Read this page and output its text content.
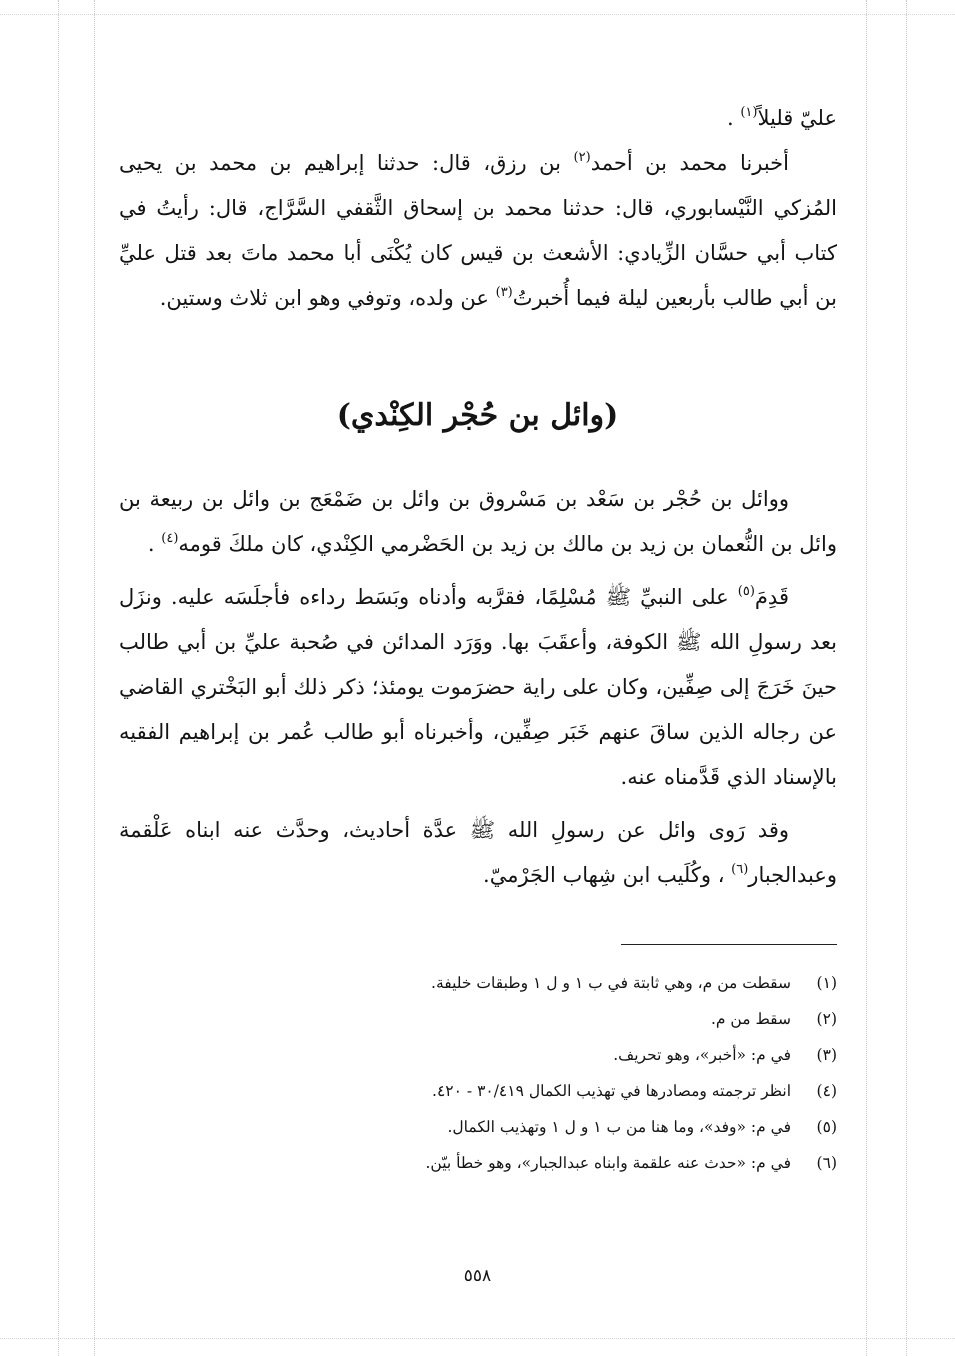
عليّ قليلاً$^{(١)}$ .

أخبرنا محمد بن أحمد$^{(٢)}$ بن رزق، قال: حدثنا إبراهيم بن محمد بن يحيى المُزكي النَّيْسابوري، قال: حدثنا محمد بن إسحاق الثَّقفي السَّرَّاج، قال: رأيتُ في كتاب أبي حسَّان الزِّيادي: الأشعث بن قيس كان يُكْنَى أبا محمد ماتَ بعد قتل عليِّ بن أبي طالب بأربعين ليلة فيما أُخبرتُ$^{(٣)}$ عن ولده، وتوفي وهو ابن ثلاث وستين.

(وائل بن حُجْر الكِنْدي)

ووائل بن حُجْر بن سَعْد بن مَسْروق بن وائل بن ضَمْعَج بن وائل بن ربيعة بن وائل بن النُّعمان بن زيد بن مالك بن زيد بن الحَضْرمي الكِنْدي، كان ملكَ قومه$^{(٤)}$ .

قَدِمَ$^{(٥)}$ على النبيِّ ﷺ مُسْلِمًا، فقرَّبه وأدناه وبَسَط رداءه فأجلَسَه عليه. ونزَل بعد رسولِ الله ﷺ الكوفة، وأعقَبَ بها. ووَرَد المدائن في صُحبة عليِّ بن أبي طالب حينَ خَرَجَ إلى صِفِّين، وكان على راية حضرَموت يومئذ؛ ذكر ذلك أبو البَخْتري القاضي عن رجاله الذين ساقَ عنهم خَبَر صِفِّين، وأخبرناه أبو طالب عُمر بن إبراهيم الفقيه بالإسناد الذي قَدَّمناه عنه.

وقد رَوى وائل عن رسولِ الله ﷺ عدَّة أحاديث، وحدَّث عنه ابناه عَلْقمة وعبدالجبار$^{(٦)}$ ، وكُلَيب ابن شِهاب الجَرْميّ.

(١)
سقطت من م، وهي ثابتة في ب ١ و ل ١ وطبقات خليفة.
(٢)
سقط من م.
(٣)
في م: «أخبر»، وهو تحريف.
(٤)
انظر ترجمته ومصادرها في تهذيب الكمال ٣٠/٤١٩ - ٤٢٠.
(٥)
في م: «وفد»، وما هنا من ب ١ و ل ١ وتهذيب الكمال.
(٦)
في م: «حدث عنه علقمة وابناه عبدالجبار»، وهو خطأ بيّن.
٥٥٨
